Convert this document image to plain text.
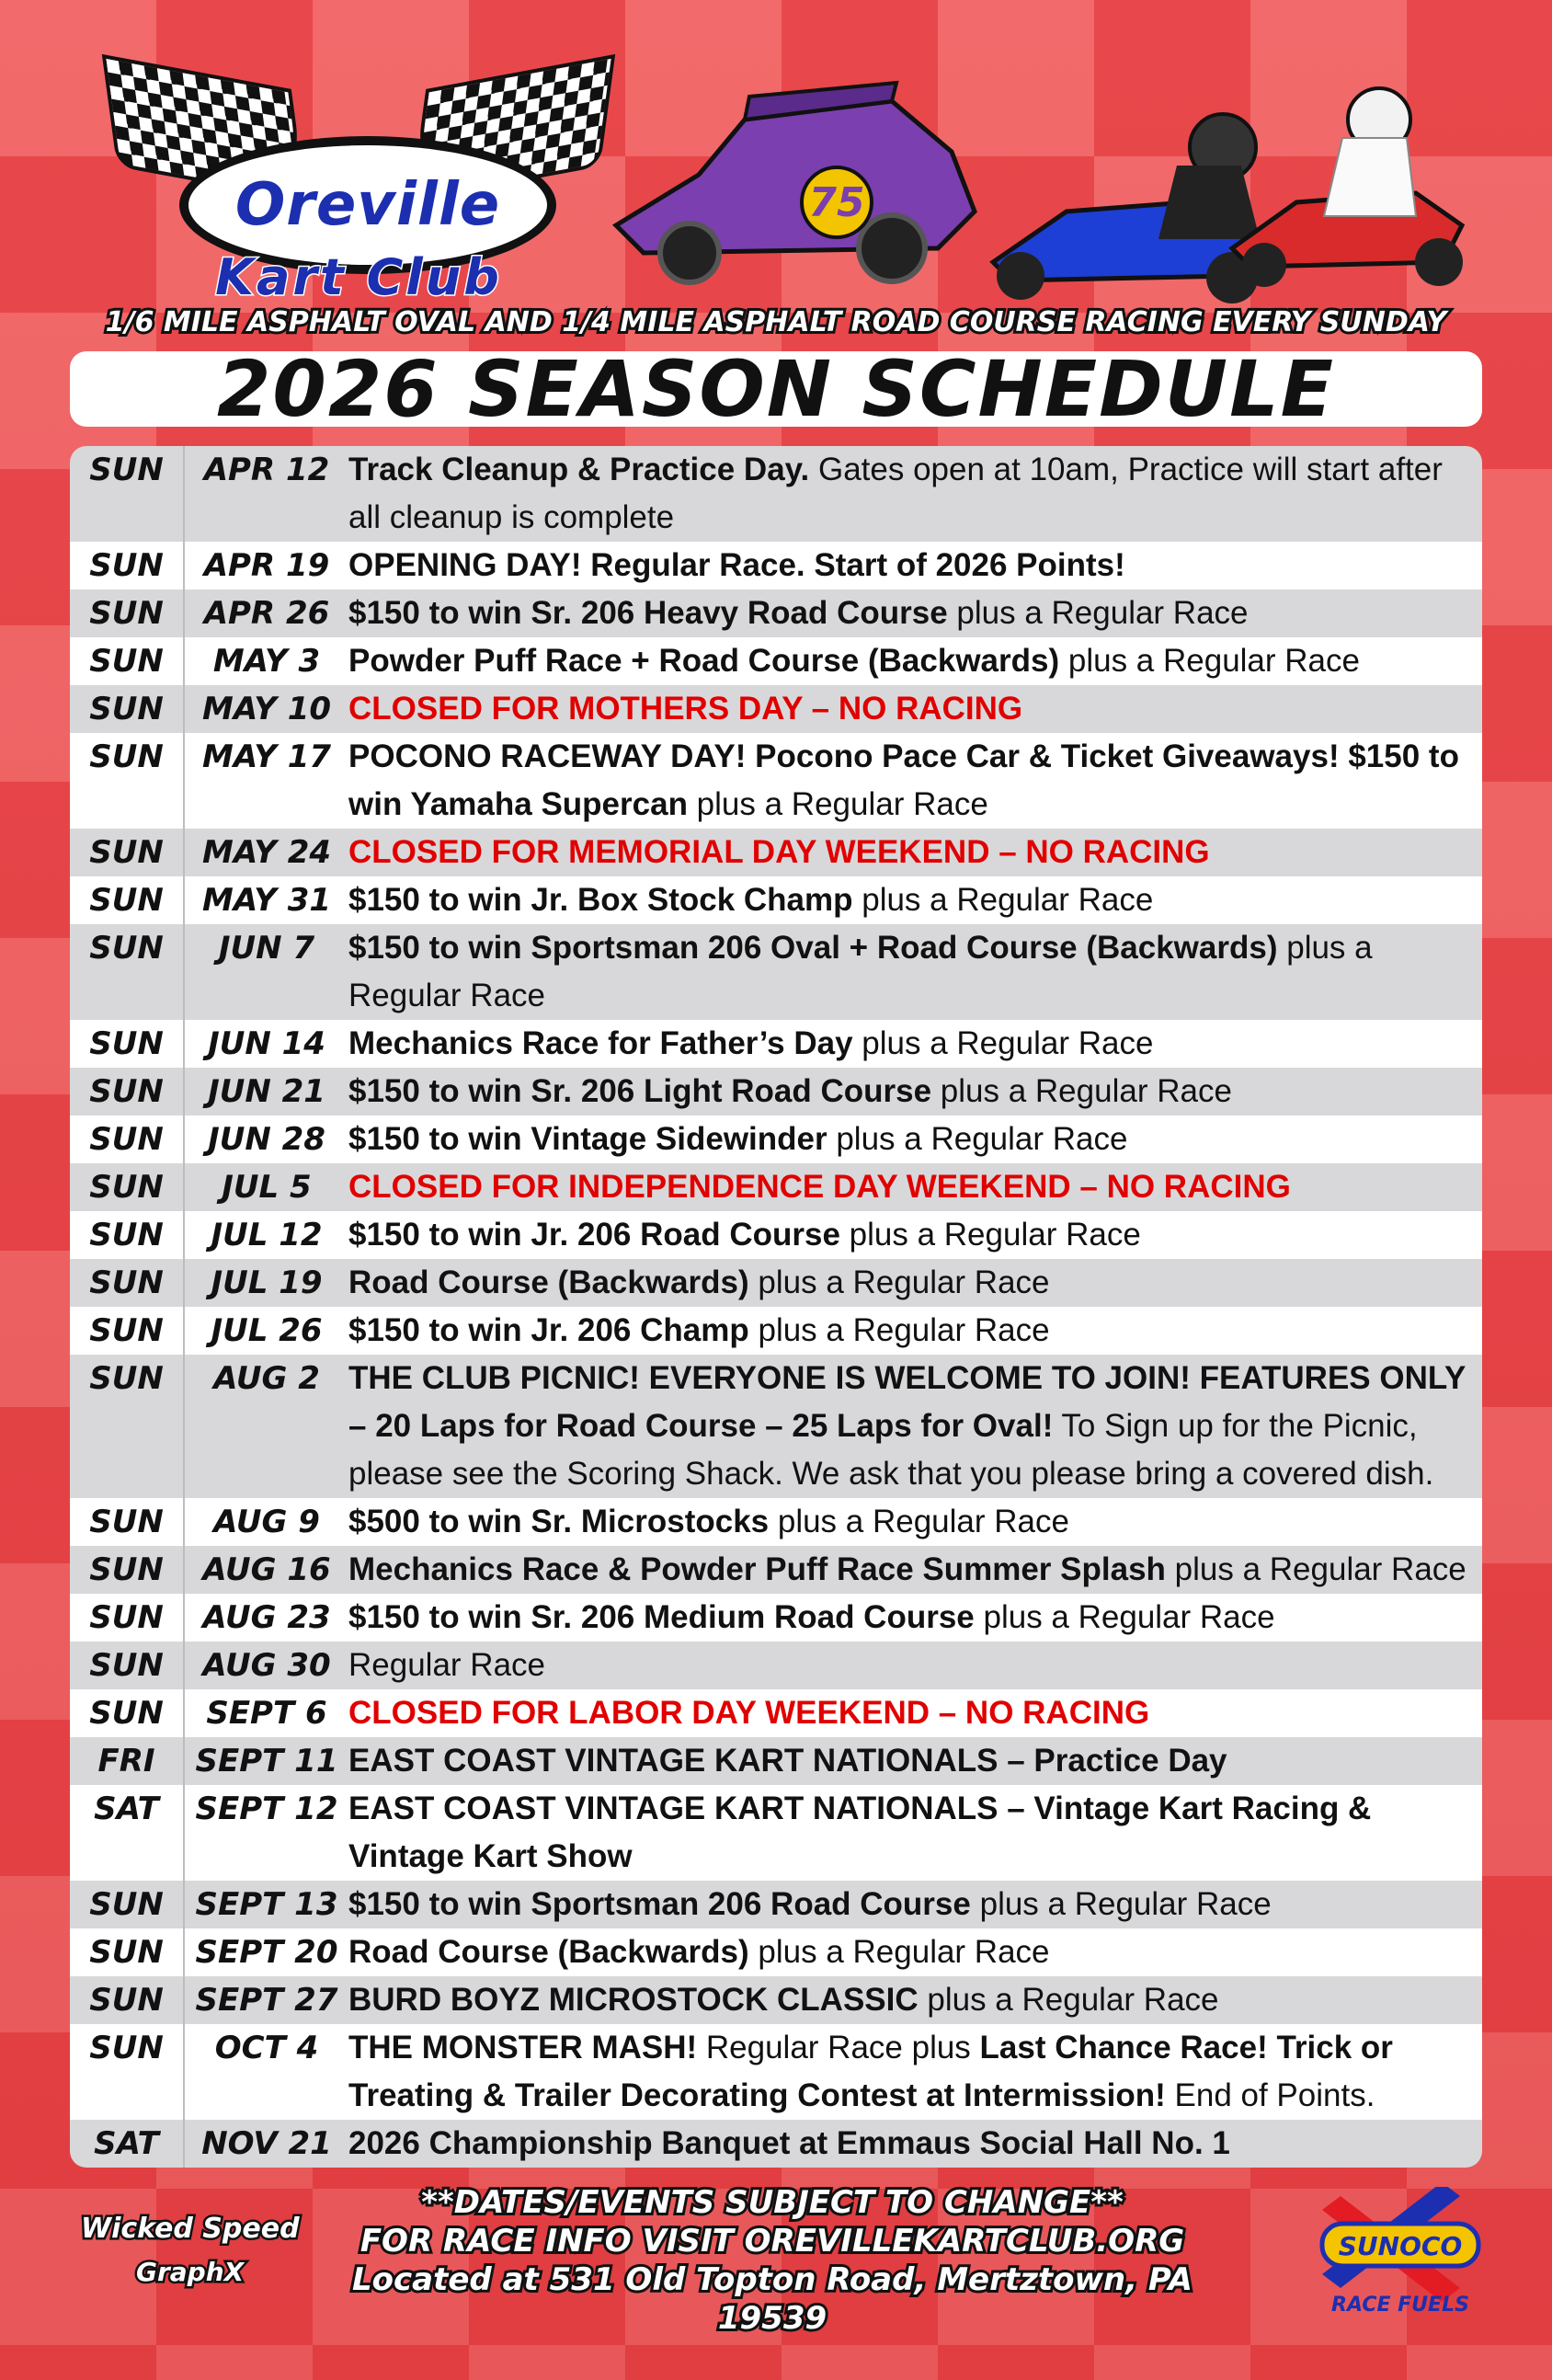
Oreville
Kart Club
75
1/6 MILE ASPHALT OVAL AND 1/4 MILE ASPHALT ROAD COURSE RACING EVERY SUNDAY
2026 SEASON SCHEDULE
SUN	APR 12 Track Cleanup & Practice Day. Gates open at 10am, Practice will start after all cleanup is complete
SUN	APR 19 OPENING DAY! Regular Race. Start of 2026 Points!
SUN	APR 26 $150 to win Sr. 206 Heavy Road Course plus a Regular Race
SUN	MAY 3 Powder Puff Race + Road Course (Backwards) plus a Regular Race
SUN	MAY 10 CLOSED FOR MOTHERS DAY – NO RACING
SUN	MAY 17 POCONO RACEWAY DAY! Pocono Pace Car & Ticket Giveaways! $150 to win Yamaha Supercan plus a Regular Race
SUN	MAY 24 CLOSED FOR MEMORIAL DAY WEEKEND – NO RACING
SUN	MAY 31 $150 to win Jr. Box Stock Champ plus a Regular Race
SUN	JUN 7	$150 to win Sportsman 206 Oval + Road Course (Backwards) plus a Regular Race
SUN	JUN 14 Mechanics Race for Father’s Day plus a Regular Race
SUN	JUN 21 $150 to win Sr. 206 Light Road Course plus a Regular Race
SUN	JUN 28 $150 to win Vintage Sidewinder plus a Regular Race
SUN	JUL 5	CLOSED FOR INDEPENDENCE DAY WEEKEND – NO RACING
SUN	JUL 12 $150 to win Jr. 206 Road Course plus a Regular Race
SUN	JUL 19 Road Course (Backwards) plus a Regular Race
SUN	JUL 26 $150 to win Jr. 206 Champ plus a Regular Race
SUN	AUG 2 THE CLUB PICNIC! EVERYONE IS WELCOME TO JOIN! FEATURES ONLY – 20 Laps for Road Course – 25 Laps for Oval! To Sign up for the Picnic, please see the Scoring Shack. We ask that you please bring a covered dish.
SUN	AUG 9 $500 to win Sr. Microstocks plus a Regular Race
SUN	AUG 16 Mechanics Race & Powder Puff Race Summer Splash plus a Regular Race
SUN	AUG 23 $150 to win Sr. 206 Medium Road Course plus a Regular Race
SUN	AUG 30 Regular Race
SUN	SEPT 6 CLOSED FOR LABOR DAY WEEKEND – NO RACING
FRI	SEPT 11 EAST COAST VINTAGE KART NATIONALS – Practice Day
SAT	SEPT 12 EAST COAST VINTAGE KART NATIONALS – Vintage Kart Racing & Vintage Kart Show
SUN	SEPT 13 $150 to win Sportsman 206 Road Course plus a Regular Race
SUN	SEPT 20 Road Course (Backwards) plus a Regular Race
SUN	SEPT 27 BURD BOYZ MICROSTOCK CLASSIC plus a Regular Race
SUN	OCT 4 THE MONSTER MASH! Regular Race plus Last Chance Race! Trick or Treating & Trailer Decorating Contest at Intermission! End of Points.
SAT	NOV 21 2026 Championship Banquet at Emmaus Social Hall No. 1
Wicked Speed
GraphX
**DATES/EVENTS SUBJECT TO CHANGE**
FOR RACE INFO VISIT OREVILLEKARTCLUB.ORG
Located at 531 Old Topton Road, Mertztown, PA 19539
SUNOCO
RACE FUELS
